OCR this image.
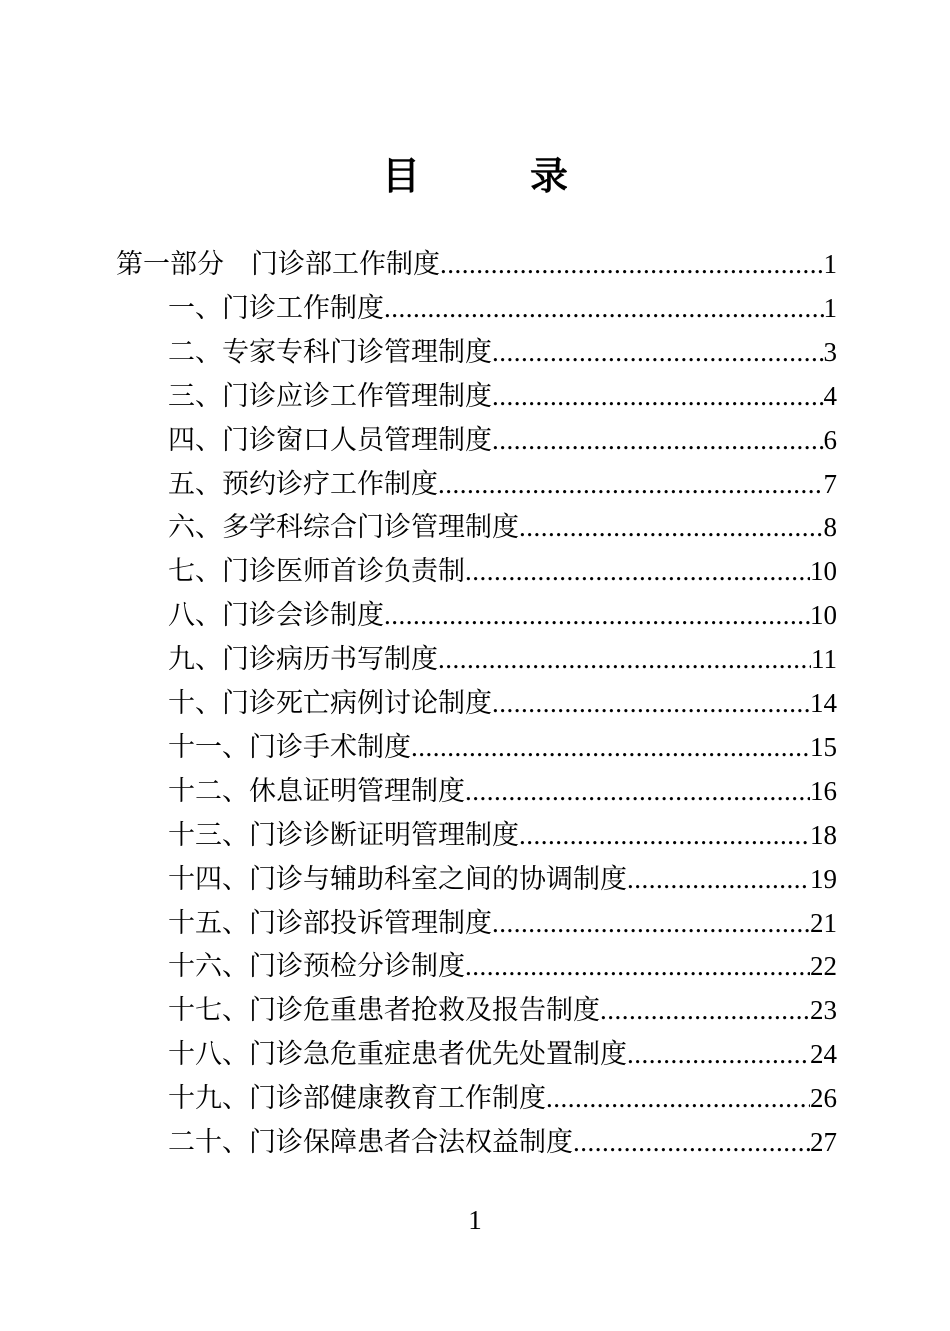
目　录
第一部分　门诊部工作制度 .....	1
一、门诊工作制度 .....	1
二、专家专科门诊管理制度 .....	3
三、门诊应诊工作管理制度 .....	4
四、门诊窗口人员管理制度 .....	6
五、预约诊疗工作制度 .....	7
六、多学科综合门诊管理制度 .....	8
七、门诊医师首诊负责制 .....	10
八、门诊会诊制度 .....	10
九、门诊病历书写制度 .....	11
十、门诊死亡病例讨论制度 .....	14
十一、门诊手术制度 .....	15
十二、休息证明管理制度 .....	16
十三、门诊诊断证明管理制度 .....	18
十四、门诊与辅助科室之间的协调制度 .....	19
十五、门诊部投诉管理制度 .....	21
十六、门诊预检分诊制度 .....	22
十七、门诊危重患者抢救及报告制度 .....	23
十八、门诊急危重症患者优先处置制度 .....	24
十九、门诊部健康教育工作制度 .....	26
二十、门诊保障患者合法权益制度 .....	27
1
